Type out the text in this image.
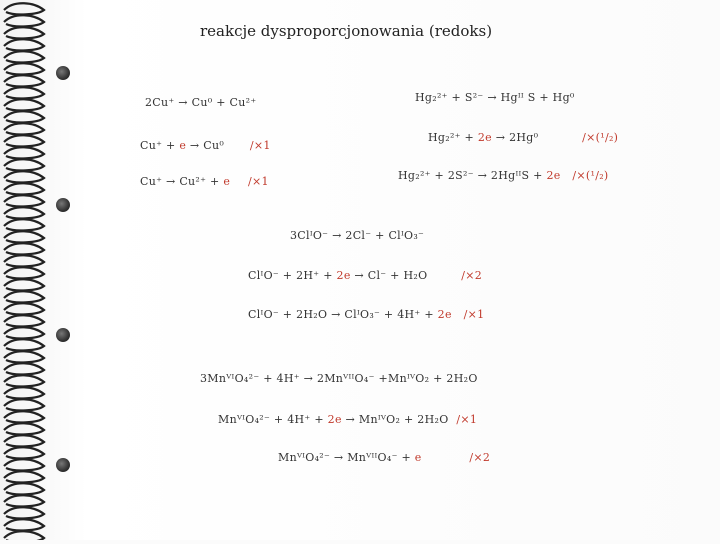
reakcje dysproporcjonowania (redoks)
2Cu⁺ → Cu⁰ + Cu²⁺
Cu⁺ + e → Cu⁰ /×1
Cu⁺ → Cu²⁺ + e /×1
Hg₂²⁺ + S²⁻ → Hgᴵᴵ S + Hg⁰
Hg₂²⁺ + 2e → 2Hg⁰	/×(¹/₂)
Hg₂²⁺ + 2S²⁻ → 2HgᴵᴵS + 2e /×(¹/₂)
3ClᴵO⁻ → 2Cl⁻ + ClᴵO₃⁻
ClᴵO⁻ + 2H⁺ + 2e → Cl⁻ + H₂O	/×2
ClᴵO⁻ + 2H₂O → ClᴵO₃⁻ + 4H⁺ + 2e /×1
3MnⱽᴵO₄²⁻ + 4H⁺ → 2MnⱽᴵᴵO₄⁻ +MnᴵⱽO₂ + 2H₂O
MnⱽᴵO₄²⁻ + 4H⁺ + 2e → MnᴵⱽO₂ + 2H₂O /×1
MnⱽᴵO₄²⁻ → MnⱽᴵᴵO₄⁻ + e	/×2
